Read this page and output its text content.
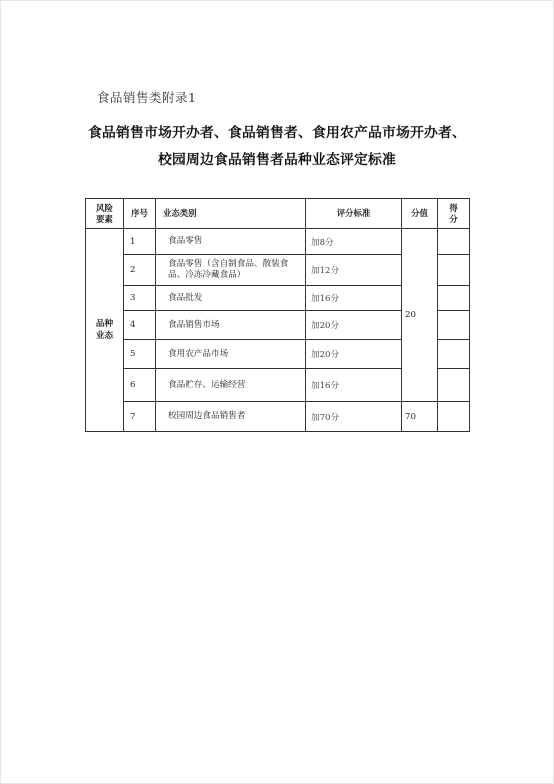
食品销售类附录1
食品销售市场开办者、食品销售者、食用农产品市场开办者、
校园周边食品销售者品种业态评定标准
风险
要素	序号	业态类别	评分标准	分值	得
分
品种
业态	1	食品零售	加8分	20	
	2	食品零售（含自制食品、散装食
品、冷冻冷藏食品）	加12分		
	3	食品批发	加16分		
	4	食品销售市场	加20分		
	5	食用农产品市场	加20分		
	6	食品贮存、运输经营	加16分		
	7	校园周边食品销售者	加70分	70	
